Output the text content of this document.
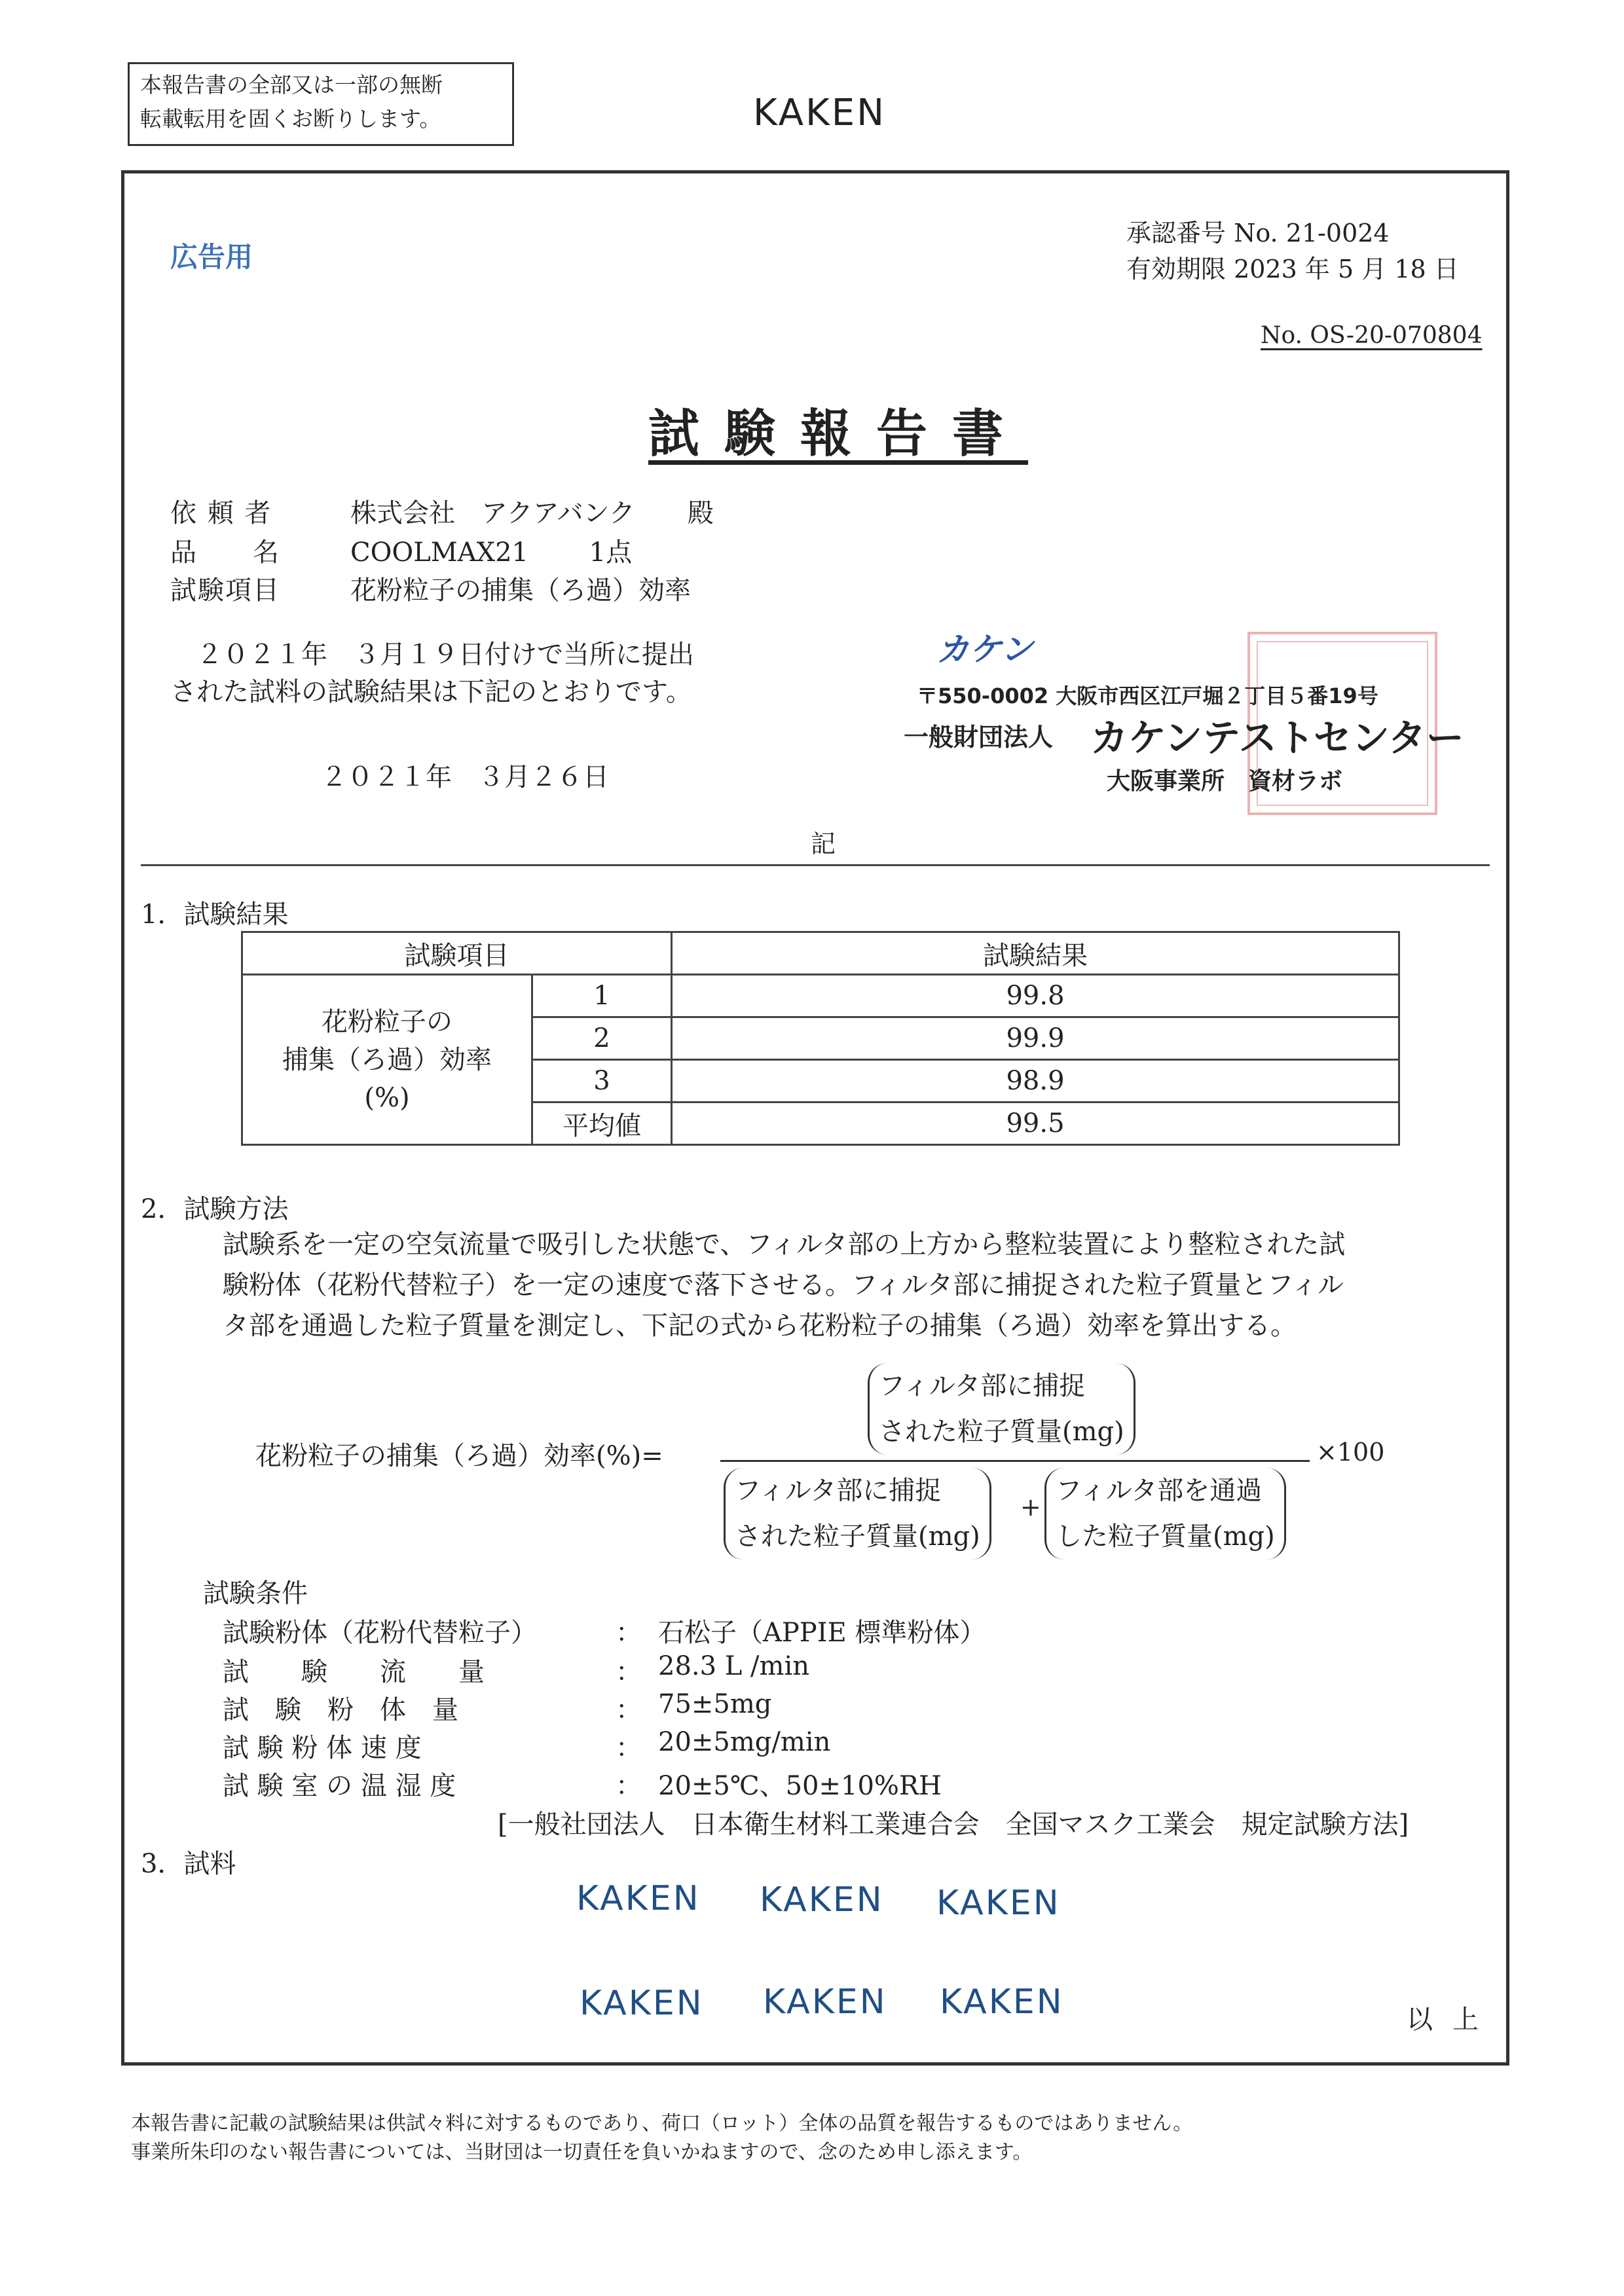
本報告書の全部又は一部の無断
転載転用を固くお断りします。	KAKEN
広告用
承認番号 No. 21-0024
有効期限 2023 年 5 月 18 日
No. OS-20-070804
試験報告書
依 頼 者	株式会社　アクアバンク　　殿
品　　名	COOLMAX21　　 1点
試験項目	花粉粒子の捕集（ろ過）効率
２０２１年　３月１９日付けで当所に提出
された試料の試験結果は下記のとおりです。
２０２１年　３月２６日
カケン
〒550-0002 大阪市西区江戸堀２丁目５番19号
一般財団法人 カケンテストセンター
大阪事業所　資材ラボ
記
1．試験結果
試験項目		試験結果

花粉粒子の
捕集（ろ過）効率
(%)	1	99.8
	2	99.9
	3	98.9
	平均値	99.5
2．試験方法
試験系を一定の空気流量で吸引した状態で、フィルタ部の上方から整粒装置により整粒された試
験粉体（花粉代替粒子）を一定の速度で落下させる。フィルタ部に捕捉された粒子質量とフィル
タ部を通過した粒子質量を測定し、下記の式から花粉粒子の捕集（ろ過）効率を算出する。
花粉粒子の捕集（ろ過）効率(%)=
フィルタ部に捕捉
された粒子質量(mg)
フィルタ部に捕捉
された粒子質量(mg)
+
フィルタ部を通過
した粒子質量(mg)
×100
試験条件
試験粉体（花粉代替粒子）	： 石松子（APPIE 標準粉体）
試　　験　　流　　量	： 28.3 L /min
試　験　粉　体　量	： 75±5mg
試 験 粉 体 速 度	： 20±5mg/min
試 験 室 の 温 湿 度	： 20±5℃、50±10%RH
[一般社団法人　日本衛生材料工業連合会　全国マスク工業会　規定試験方法]
3．試料
KAKEN KAKEN KAKEN
KAKEN KAKEN KAKEN	以上
本報告書に記載の試験結果は供試々料に対するものであり、荷口（ロット）全体の品質を報告するものではありません。
事業所朱印のない報告書については、当財団は一切責任を負いかねますので、念のため申し添えます。
